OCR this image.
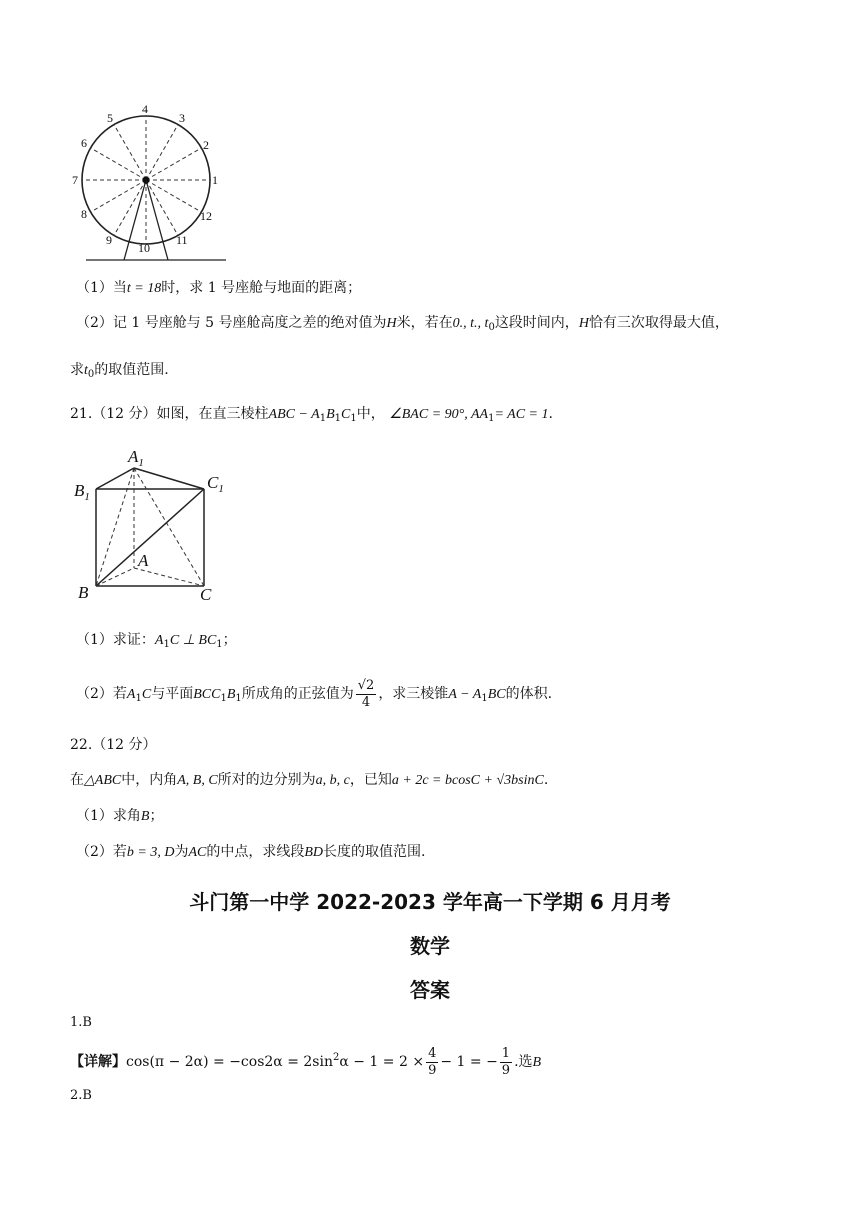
1
2
3
4
5
6
7
8
9
10
11
12
（1）当t = 18时，求 1 号座舱与地面的距离；
（2）记 1 号座舱与 5 号座舱高度之差的绝对值为H米，若在0., t., $t_0$这段时间内，H恰有三次取得最大值，
求$t_0$的取值范围.
21.（12 分）如图，在直三棱柱ABC − $A_1B_1C_1$中， ∠BAC = 90°, $AA_1=$ AC = 1.
$A_1$
$B_1$
$C_1$
A
B	C
（1）求证：$A_1C$ ⊥ $BC_1$；
（2）若$A_1C$与平面$BCC_1B_1$所成角的正弦值为 $\frac{√2}{4}$ ，求三棱锥$A - A_1BC$的体积.
22.（12 分）
在△ABC中，内角A, B, C所对的边分别为a, b, c，已知a + 2c = bcosC + √3bsinC.
（1）求角B；
（2）若b = 3, D为AC的中点，求线段BD长度的取值范围.
斗门第一中学 2022-2023 学年高一下学期 6 月月考
数学
答案
1.B
【详解】$\cos(\pi - 2\alpha) = -\cos 2\alpha = 2\sin^2\alpha - 1 = 2 \times \frac{4}{9} - 1$ = − $\frac{1}{9}$ .选B
2.B
